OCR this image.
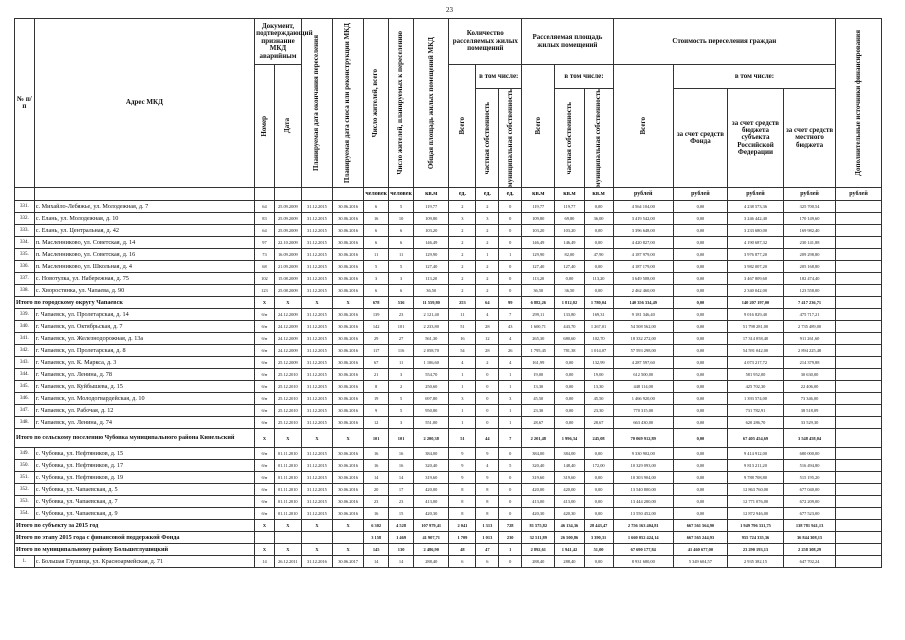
23
№ п/п	Адрес МКД	Документ, подтверждающий признание МКД аварийным		Планируемая дата окончания переселения	Планируемая дата сноса или реконструкции МКД	Число жителей, всего	Число жителей, планируемых к переселению	Общая площадь жилых помещений МКД	Количество расселяемых жилых помещений			Расселяемая площадь жилых помещений			Стоимость переселения граждан				Дополнительные источники финансирования

		Номер	Дата						Всего	в том числе:		Всего	в том числе:		Всего	в том числе:			

										частная собственность	муниципальная собственность		частная собственность	муниципальная собственность		за счет средств Фонда	за счет средств бюджета субъекта Российской Федерации	за счет средств местного бюджета	
						человек	человек	кв.м	ед.	ед.	ед.	кв.м	кв.м	кв.м	рублей	рублей	рублей	рублей	рублей
331.	с. Михайло-Лебяжье, ул. Молодежная, д. 7	64	25.09.2009	31.12.2015	30.06.2016	6	5	119,77	2	2	0	119,77	119,77	0,00	4 564 104,00	0,00	4 238 573,36	325 700,54	
332.	с. Елань, ул. Молодежная, д. 10	83	25.09.2009	31.12.2015	30.06.2016	16	10	109,80	3	3	0	109,80	69,80	36,00	3 419 542,00	0,00	3 246 442,40	170 149,60	
333.	с. Елань, ул. Центральная, д. 42	64	25.09.2009	31.12.2015	30.06.2016	6	6	103,20	2	2	0	103,20	103,20	0,00	3 396 648,00	0,00	3 233 680,00	169 982,40	
334.	п. Масленниково, ул. Советская, д. 14	97	22.10.2009	31.12.2015	30.06.2016	6	6	146,49	2	2	0	146,49	146,49	0,00	4 420 827,00	0,00	4 190 687,32	230 141,88	
335.	п. Масленниково, ул. Советская, д. 16	73	16.09.2009	31.12.2015	30.06.2016	11	11	129,90	2	1	1	129,90	82,00	47,90	4 187 979,00	0,00	3 976 877,20	209 298,80	
336.	п. Масленниково, ул. Школьная, д. 4	68	21.09.2009	31.12.2015	30.06.2016	5	5	127,40	2	2	0	127,40	127,40	0,00	4 187 179,00	0,00	3 982 007,20	205 168,80	
337.	с. Новотулка, ул. Набережная, д. 75	102	15.08.2009	31.12.2015	30.06.2016	3	3	113,20	2	2	0	113,20	0,00	113,20	3 649 508,00	0,00	3 467 809,60	182 474,40	
338.	с. Хворостянка, ул. Чапаева, д. 90	123	25.08.2009	31.12.2015	30.06.2016	6	6	36,50	2	2	0	36,50	36,50	0,00	2 462 460,00	0,00	2 340 042,00	123 558,00	
Итого по городскому округу Чапаевск		X	X	X	X	678	536	11 559,80	253	64	99	6 882,26	1 812,02	1 780,04	140 356 334,49	0,00	140 207 197,00	7 417 236,71	
339.	г. Чапаевск, ул. Пролетарская, д. 14	б/н	24.12.2009	31.12.2015	30.06.2016	139	23	2 121,40	11	4	7	299,11	133,80	169,31	9 181 346,40	0,00	9 016 829,40	475 717,21	
340.	г. Чапаевск, ул. Октябрьская, д. 7	б/н	24.12.2009	31.12.2015	30.06.2016	142	101	2 233,80	51	28	43	1 600,71	443,70	1 267,01	54 508 562,00	0,00	51 798 281,00	2 735 489,00	
341.	г. Чапаевск, ул. Железнодорожная, д. 13а	б/н	24.12.2009	31.12.2015	30.06.2016	29	27	561,30	16	12	4	265,30	680,60	102,70	18 332 272,00	0,00	17 314 058,40	911 261,60	
342.	г. Чапаевск, ул. Пролетарская, д. 8	б/н	24.12.2009	31.12.2015	30.06.2016	117	116	2 058,70	54	28	26	1 795,45	781,38	1 014,07	57 593 298,00	0,00	54 591 042,00	2 894 225,48	
343.	г. Чапаевск, ул. К. Маркса, д. 3	б/н	25.12.2009	31.12.2015	30.06.2016	67	11	1 106,60	4	2	4	161,99	0,00	132,99	4 287 597,60	0,00	4 073 217,72	214 379,88	
344.	г. Чапаевск, ул. Ленина, д. 78	б/н	25.12.2010	31.12.2015	30.06.2016	21	3	554,70	1	0	1	19,00	0,00	19,00	612 500,00	0,00	581 952,00	30 630,00	
345.	г. Чапаевск, ул. Куйбышева, д. 15	б/н	25.12.2010	31.12.2015	30.06.2016	8	2	250,60	1	0	1	13,30	0,00	13,30	448 114,00	0,00	425 702,30	22 406,00	
346.	г. Чапаевск, ул. Молодогвардейская, д. 10	б/н	25.12.2010	31.12.2015	30.06.2016	19	5	697,80	3	0	3	45,50	0,00	45,50	1 466 920,00	0,00	1 393 574,00	73 346,00	
347.	г. Чапаевск, ул. Рабочая, д. 12	б/н	25.12.2010	31.12.2015	30.06.2016	9	5	950,80	1	0	1	23,30	0,00	23,30	770 315,00	0,00	731 782,91	38 518,09	
348.	г. Чапаевск, ул. Ленина, д. 74	б/н	25.12.2010	31.12.2015	30.06.2016	12	3	551,00	1	0	1	28,67	0,00	28,67	663 430,00	0,00	620 286,70	33 529,30	
Итого по сельскому поселению Чубовка муниципального района Кинельский		X	X	X	X	101	101	2 200,38	51	44	7	2 201,48	1 996,34	245,08	70 069 912,89	0,00	67 405 454,69	3 548 458,04	
349.	с. Чубовка, ул. Нефтяников, д. 15	б/н	01.11.2010	31.12.2015	30.06.2016	16	16	384,00	9	9	0	384,00	384,00	0,00	9 330 902,00	0,00	9 414 912,00	680 000,00	
350.	с. Чубовка, ул. Нефтяников, д. 17	б/н	01.11.2010	31.12.2015	30.06.2016	16	16	320,40	9	4	5	320,40	148,40	172,00	10 329 093,00	0,00	9 813 211,20	516 494,80	
351.	с. Чубовка, ул. Нефтяников, д. 19	б/н	01.11.2010	31.12.2015	30.06.2016	14	14	319,60	9	9	0	319,60	319,60	0,00	10 303 904,00	0,00	9 788 708,80	515 195,20	
352.	с. Чубовка, ул. Чапаевская, д. 5	б/н	01.11.2010	31.12.2015	30.06.2016	20	17	420,00	8	8	0	420,00	420,00	0,00	13 540 800,00	0,00	12 863 760,00	677 040,00	
353.	с. Чубовка, ул. Чапаевская, д. 7	б/н	01.11.2010	31.12.2015	30.06.2016	23	23	413,00	8	8	0	413,00	413,00	0,00	13 444 200,00	0,00	12 771 076,00	672 209,00	
354.	с. Чубовка, ул. Чапаевская, д. 9	б/н	01.11.2010	31.12.2015	30.06.2016	16	15	420,30	8	8	0	420,30	420,30	0,00	13 550 452,00	0,00	12 872 946,00	677 523,00	
Итого по субъекту за 2015 год		X	X	X	X	6 302	4 528	107 979,41	2 041	1 313	728	81 575,82	46 134,36	28 443,47	2 756 163 404,81	667 561 564,90	1 949 796 331,75	138 781 941,13	
Итого по этапу 2015 года с финансовой поддержкой Фонда						3 158	1 469	41 907,71	1 709	1 013	230	32 511,89	26 500,86	3 390,31	1 660 052 424,14	667 565 244,93	955 724 335,36	36 844 308,15	
Итого по муниципальному району Большеглушицкий		X	X	X	X	145	130	2 486,90	48	47	1	2 892,61	1 941,42	51,00	67 690 177,84	41 460 677,00	23 290 193,13	2 258 308,29	
1.	с. Большая Глушица, ул. Красноармейская, д. 71	14	26.12.2011	31.12.2016	30.06.2017	14	14	288,40	6	6	0	288,40	288,40	0,00	8 931 680,00	5 349 604,57	2 935 382,15	647 702,24	
